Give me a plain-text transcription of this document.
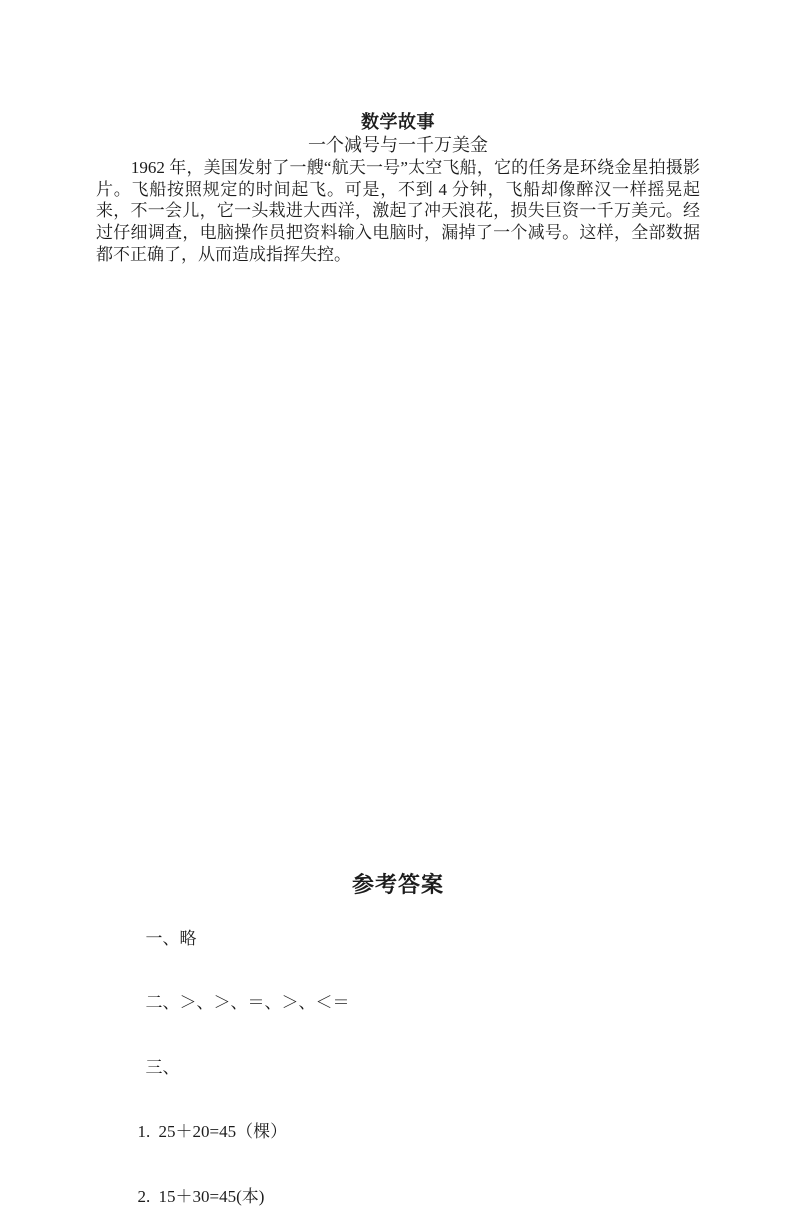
数学故事
一个减号与一千万美金

1962 年，美国发射了一艘“航天一号”太空飞船，它的任务是环绕金星拍摄影片。飞船按照规定的时间起飞。可是，不到 4 分钟，飞船却像醉汉一样摇晃起来，不一会儿，它一头栽进大西洋，激起了冲天浪花，损失巨资一千万美元。经过仔细调查，电脑操作员把资料输入电脑时，漏掉了一个减号。这样，全部数据都不正确了，从而造成指挥失控。

参考答案

一、略

二、＞、＞、＝、＞、＜＝

三、

1. 25＋20=45（棵）

2. 15＋30=45(本)
